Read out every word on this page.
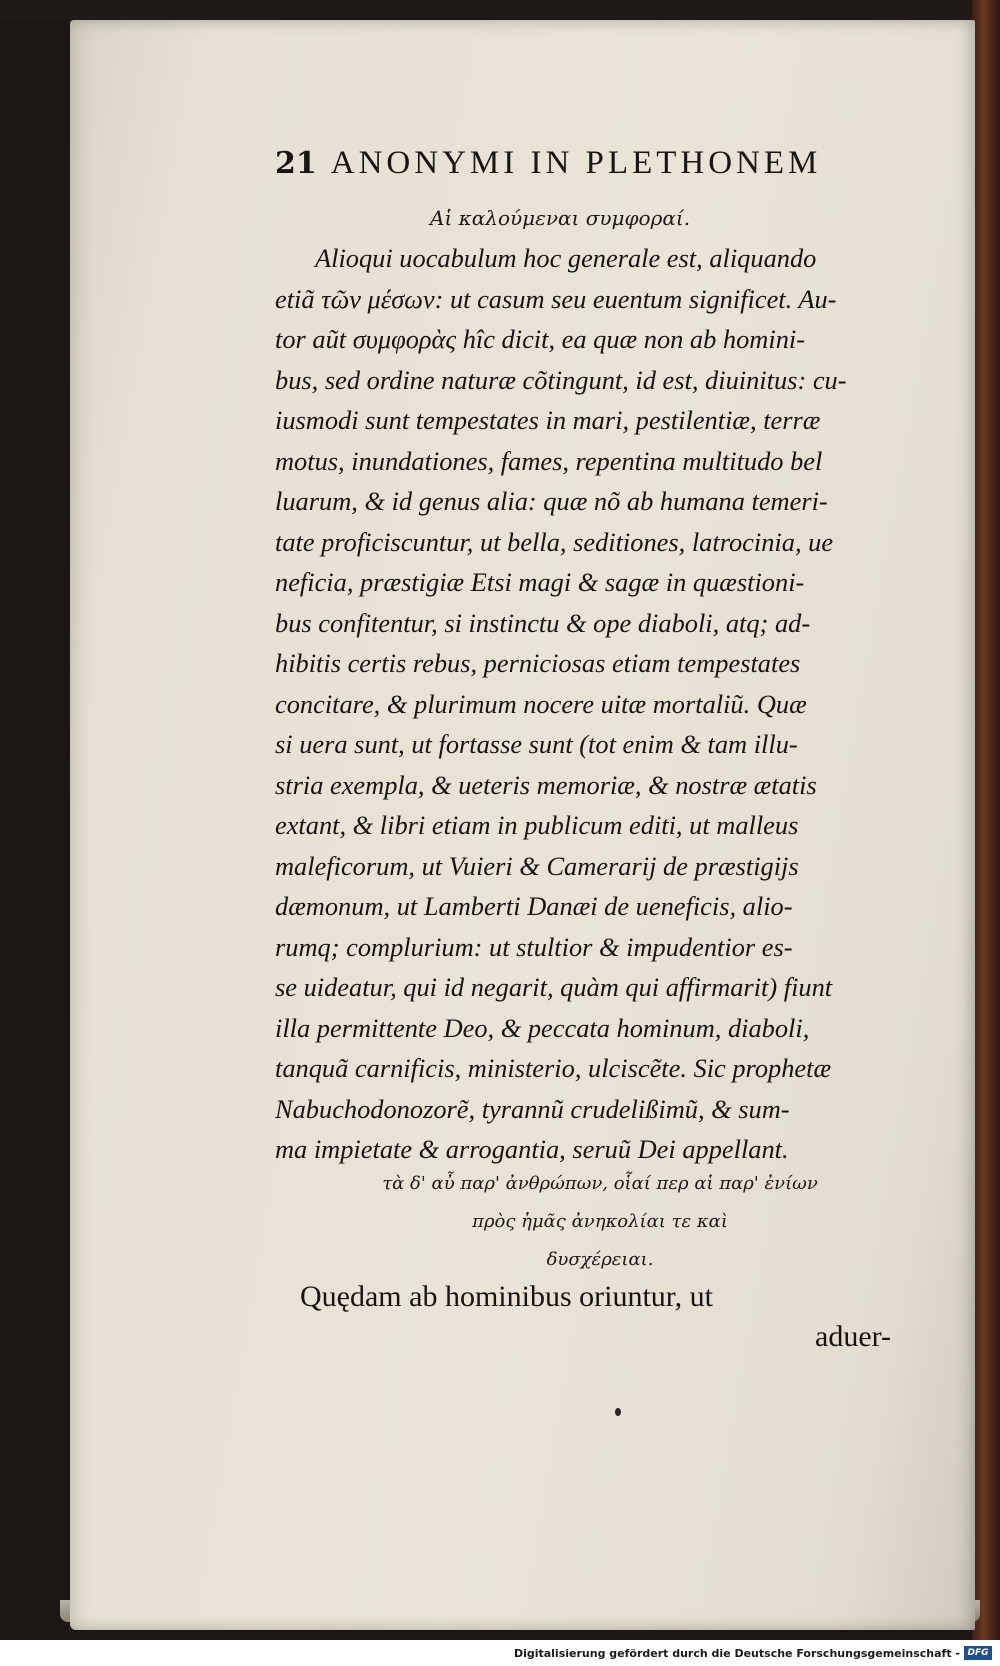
21 ANONYMI IN PLETHONEM
Αἱ καλούμεναι συμφοραί.
Alioqui uocabulum hoc generale est, aliquando
etiã τῶν μέσων: ut casum seu euentum significet. Au-
tor aũt συμφορὰς hîc dicit, ea quæ non ab homini-
bus, sed ordine naturæ cõtingunt, id est, diuinitus: cu-
iusmodi sunt tempestates in mari, pestilentiæ, terræ
motus, inundationes, fames, repentina multitudo bel
luarum, & id genus alia: quæ nõ ab humana temeri-
tate proficiscuntur, ut bella, seditiones, latrocinia, ue
neficia, præstigiæ Etsi magi & sagæ in quæstioni-
bus confitentur, si instinctu & ope diaboli, atq; ad-
hibitis certis rebus, perniciosas etiam tempestates
concitare, & plurimum nocere uitæ mortaliũ. Quæ
si uera sunt, ut fortasse sunt (tot enim & tam illu-
stria exempla, & ueteris memoriæ, & nostræ ætatis
extant, & libri etiam in publicum editi, ut malleus
maleficorum, ut Vuieri & Camerarij de præstigijs
dæmonum, ut Lamberti Danæi de ueneficis, alio-
rumq; complurium: ut stultior & impudentior es-
se uideatur, qui id negarit, quàm qui affirmarit) fiunt
illa permittente Deo, & peccata hominum, diaboli,
tanquã carnificis, ministerio, ulciscẽte. Sic prophetæ
Nabuchodonozorẽ, tyrannũ crudelißimũ, & sum-
ma impietate & arrogantia, seruũ Dei appellant.
τὰ δ' αὖ παρ' ἀνθρώπων, οἷαί περ αἱ παρ' ἐνίων
πρὸς ἡμᾶς ἀνηκολίαι τε καὶ
δυσχέρειαι.
Quędam ab hominibus oriuntur, ut
aduer-
Digitalisierung gefördert durch die Deutsche Forschungsgemeinschaft - DFG
